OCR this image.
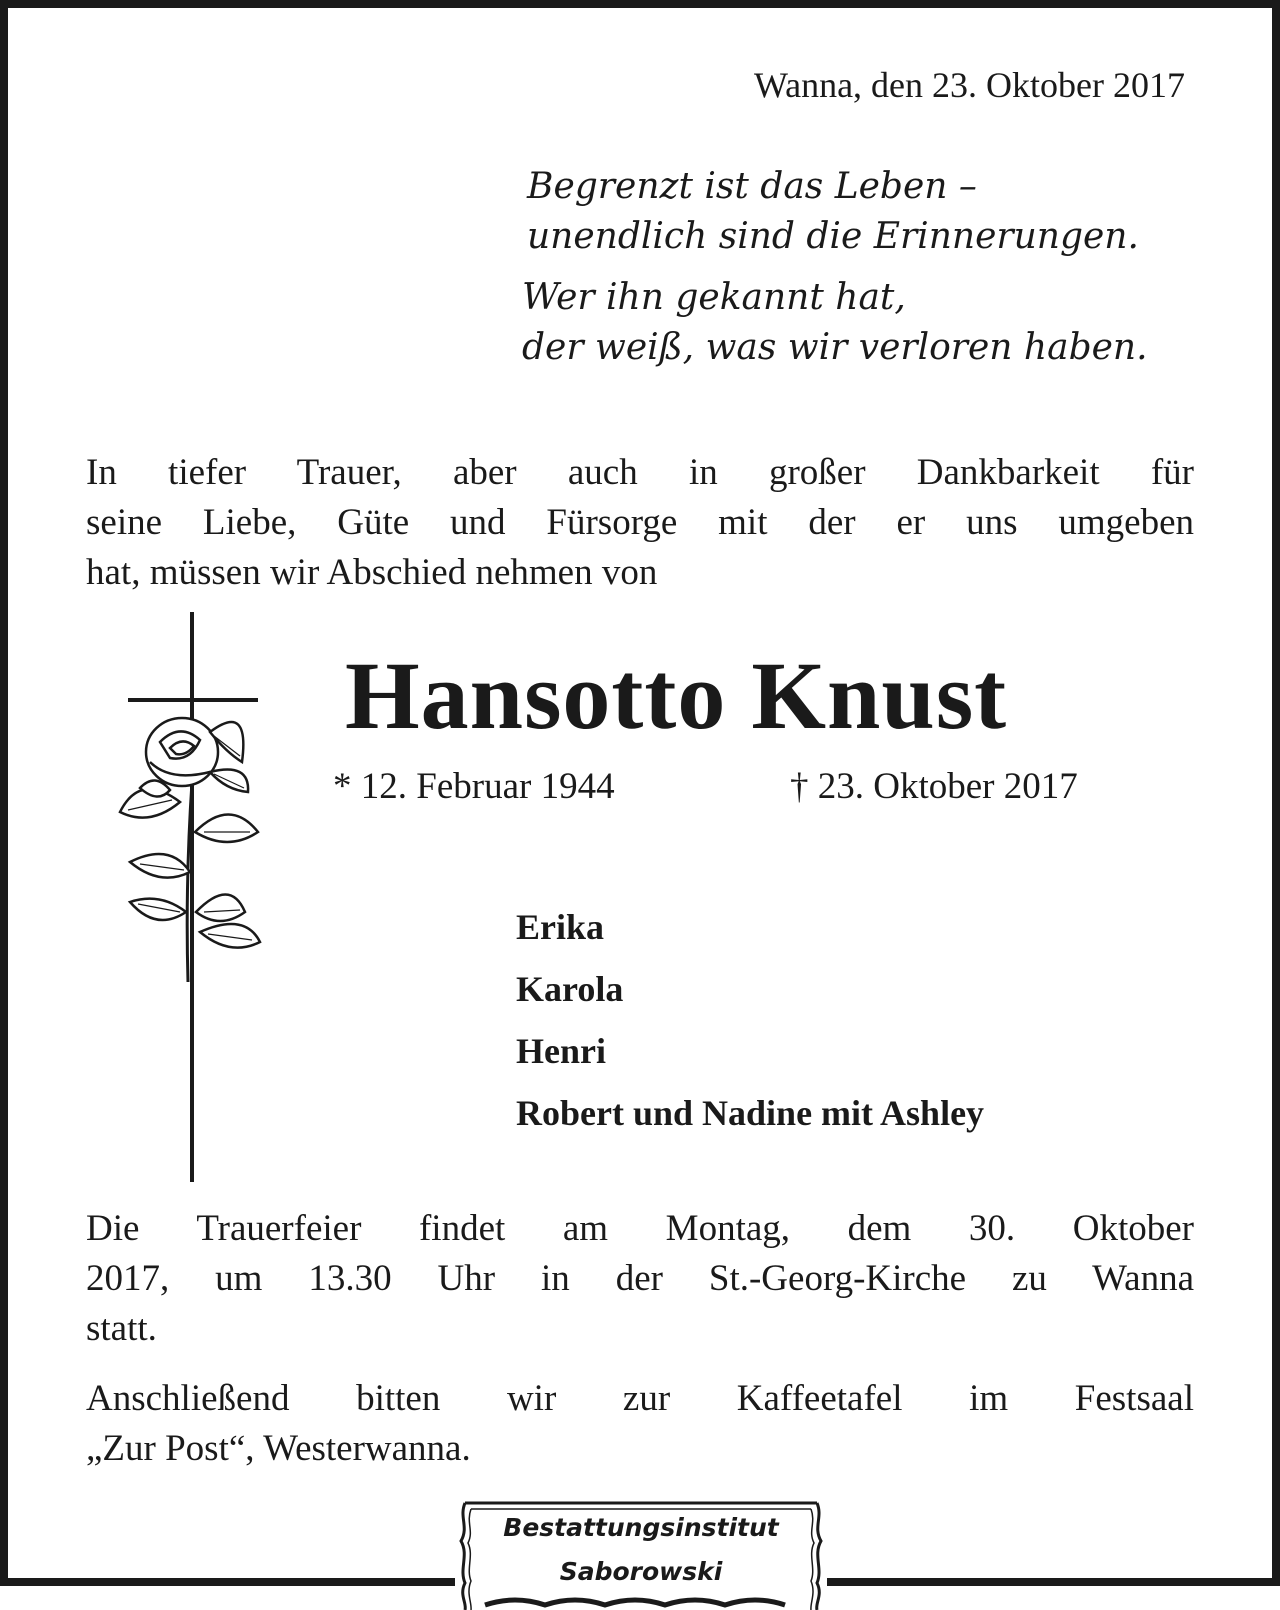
Wanna, den 23. Oktober 2017

Begrenzt ist das Leben –
unendlich sind die Erinnerungen.
Wer ihn gekannt hat,
der weiß, was wir verloren haben.
In tiefer Trauer, aber auch in großer Dankbarkeit für
seine Liebe, Güte und Fürsorge mit der er uns umgeben
hat, müssen wir Abschied nehmen von
Hansotto Knust

* 12. Februar 1944	† 23. Oktober 2017

Erika
Karola
Henri
Robert und Nadine mit Ashley
Die Trauerfeier findet am Montag, dem 30. Oktober
2017, um 13.30 Uhr in der St.-Georg-Kirche zu Wanna
statt.
Anschließend bitten wir zur Kaffeetafel im Festsaal
„Zur Post“, Westerwanna.
Bestattungsinstitut
Saborowski
